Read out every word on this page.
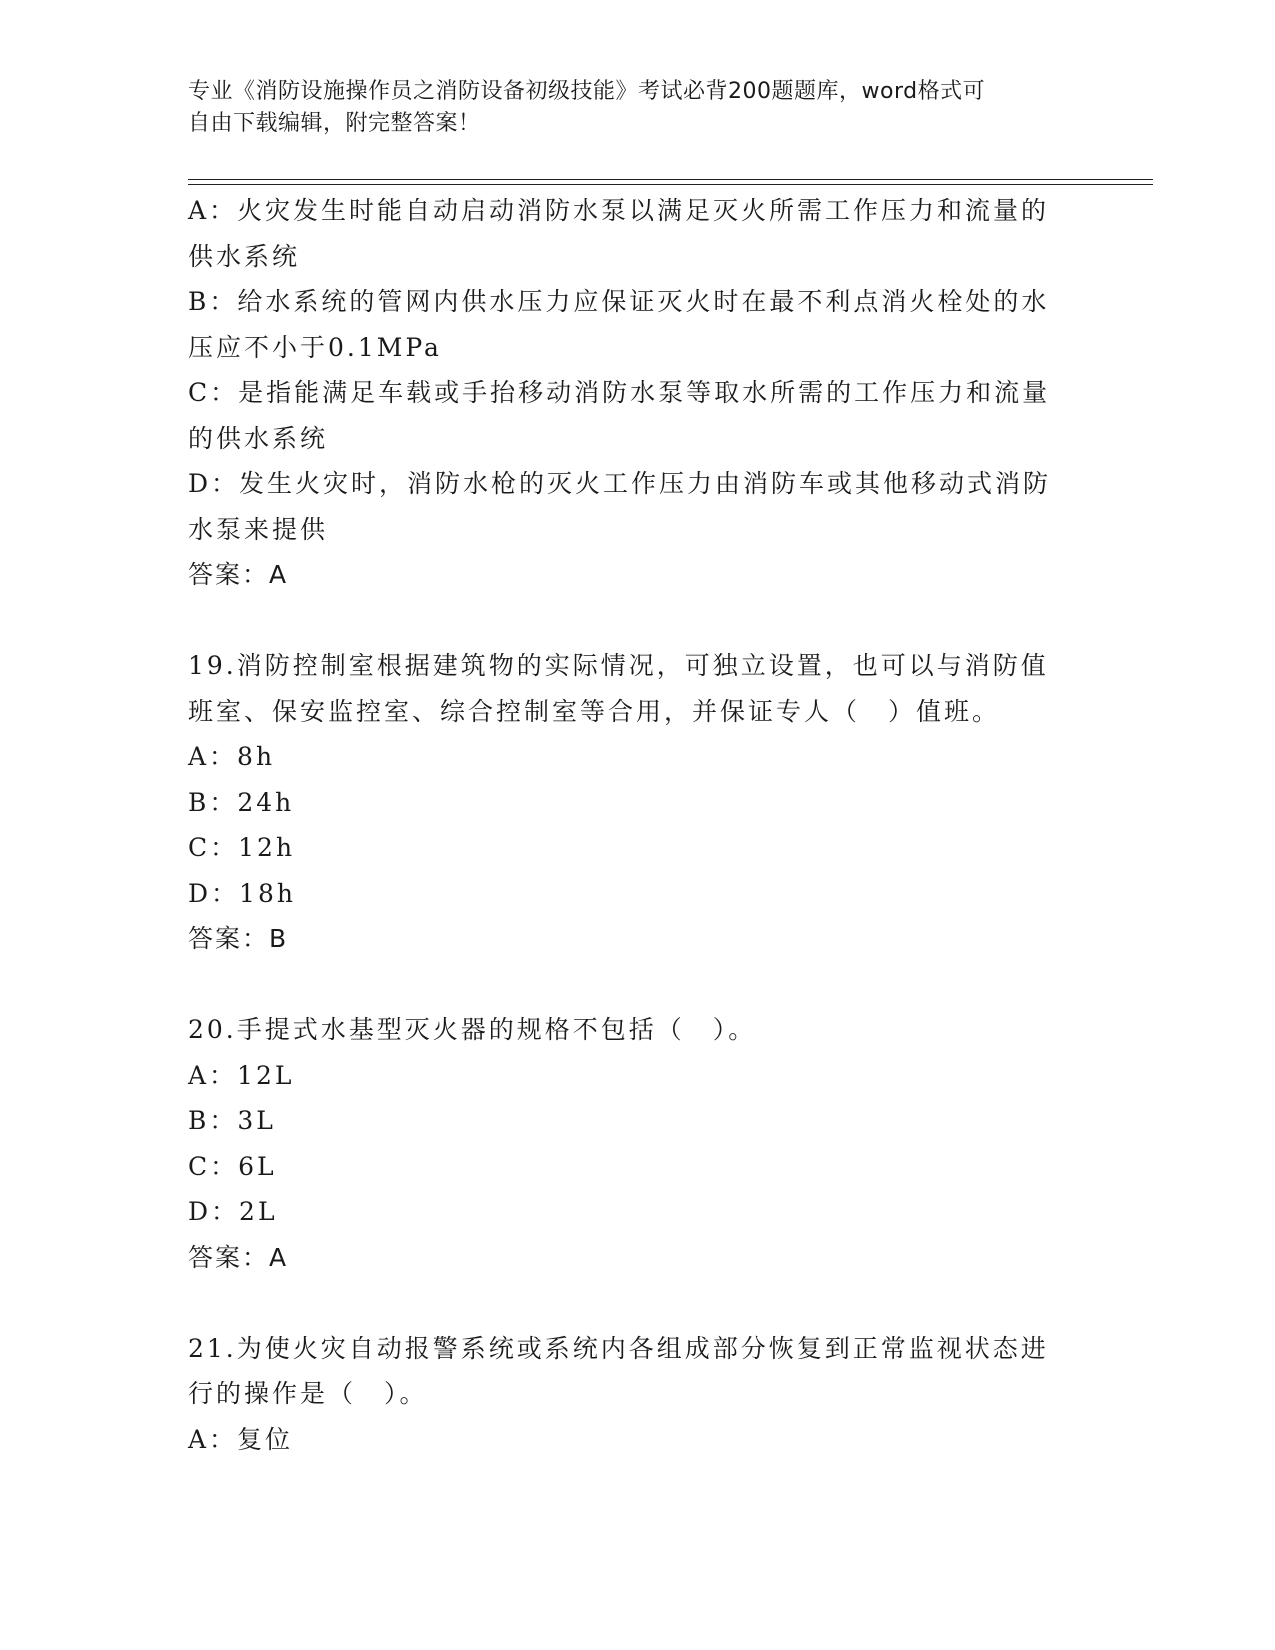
专业《消防设施操作员之消防设备初级技能》考试必背200题题库，word格式可
自由下载编辑，附完整答案！
A：火灾发生时能自动启动消防水泵以满足灭火所需工作压力和流量的
供水系统
B：给水系统的管网内供水压力应保证灭火时在最不利点消火栓处的水
压应不小于0.1MPa
C：是指能满足车载或手抬移动消防水泵等取水所需的工作压力和流量
的供水系统
D：发生火灾时，消防水枪的灭火工作压力由消防车或其他移动式消防
水泵来提供
答案：A
19.消防控制室根据建筑物的实际情况，可独立设置，也可以与消防值
班室、保安监控室、综合控制室等合用，并保证专人（　）值班。
A：8h
B：24h
C：12h
D：18h
答案：B
20.手提式水基型灭火器的规格不包括（　）。
A：12L
B：3L
C：6L
D：2L
答案：A
21.为使火灾自动报警系统或系统内各组成部分恢复到正常监视状态进
行的操作是（　）。
A：复位
